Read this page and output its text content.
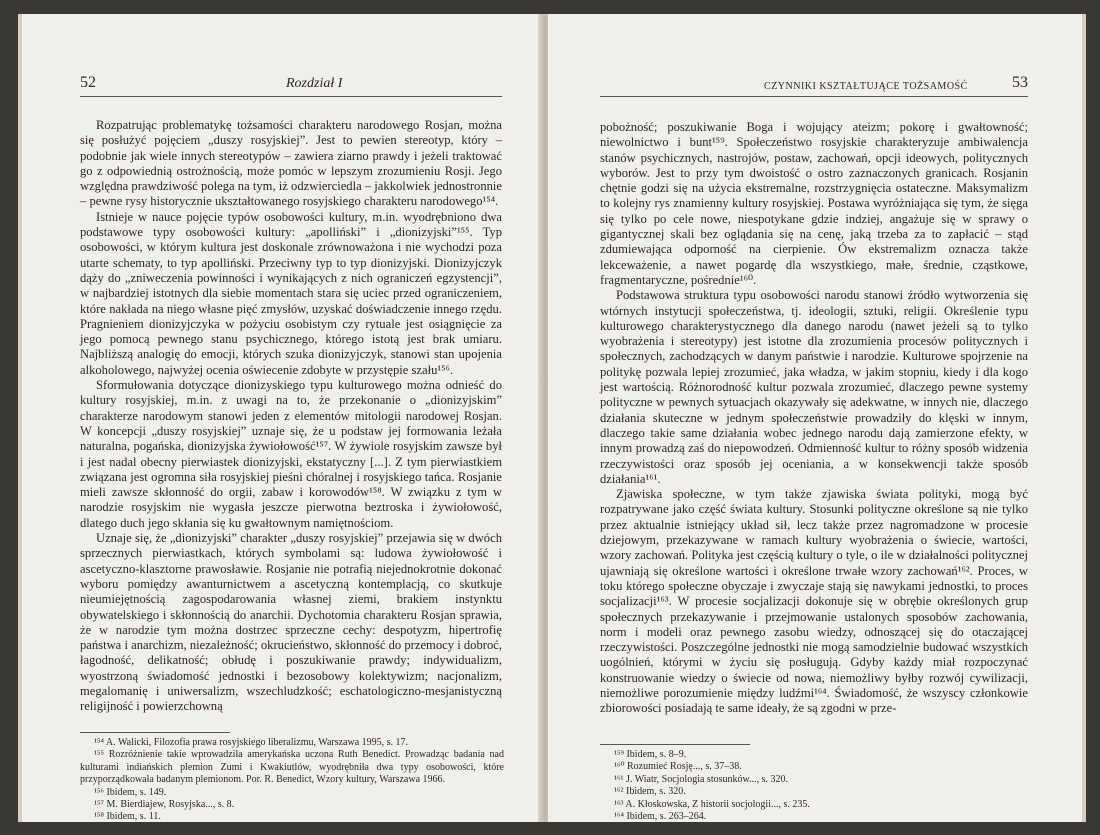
52	Rozdział I

Rozpatrując problematykę tożsamości charakteru narodowego Rosjan, można się posłużyć pojęciem „duszy rosyjskiej”. Jest to pewien stereotyp, który – podobnie jak wiele innych stereotypów – zawiera ziarno prawdy i jeżeli traktować go z odpowiednią ostrożnością, może pomóc w lepszym zrozumieniu Rosji. Jego względna prawdziwość polega na tym, iż odzwierciedla – jakkolwiek jednostronnie – pewne rysy historycznie ukształtowanego rosyjskiego charakteru narodowego¹⁵⁴.

Istnieje w nauce pojęcie typów osobowości kultury, m.in. wyodrębniono dwa podstawowe typy osobowości kultury: „apolliński” i „dionizyjski”¹⁵⁵. Typ osobowości, w którym kultura jest doskonale zrównoważona i nie wychodzi poza utarte schematy, to typ apolliński. Przeciwny typ to typ dionizyjski. Dionizyjczyk dąży do „zniweczenia powinności i wynikających z nich ograniczeń egzystencji”, w najbardziej istotnych dla siebie momentach stara się uciec przed ograniczeniem, które nakłada na niego własne pięć zmysłów, uzyskać doświadczenie innego rzędu. Pragnieniem dionizyjczyka w pożyciu osobistym czy rytuale jest osiągnięcie za jego pomocą pewnego stanu psychicznego, którego istotą jest brak umiaru. Najbliższą analogię do emocji, których szuka dionizyjczyk, stanowi stan upojenia alkoholowego, najwyżej ocenia oświecenie zdobyte w przystępie szału¹⁵⁶.

Sformułowania dotyczące dionizyskiego typu kulturowego można odnieść do kultury rosyjskiej, m.in. z uwagi na to, że przekonanie o „dionizyjskim” charakterze narodowym stanowi jeden z elementów mitologii narodowej Rosjan. W koncepcji „duszy rosyjskiej” uznaje się, że u podstaw jej formowania leżała naturalna, pogańska, dionizyjska żywiołowość¹⁵⁷. W żywiole rosyjskim zawsze był i jest nadal obecny pierwiastek dionizyjski, ekstatyczny [...]. Z tym pierwiastkiem związana jest ogromna siła rosyjskiej pieśni chóralnej i rosyjskiego tańca. Rosjanie mieli zawsze skłonność do orgii, zabaw i korowodów¹⁵⁸. W związku z tym w narodzie rosyjskim nie wygasła jeszcze pierwotna beztroska i żywiołowość, dlatego duch jego skłania się ku gwałtownym namiętnościom.

Uznaje się, że „dionizyjski” charakter „duszy rosyjskiej” przejawia się w dwóch sprzecznych pierwiastkach, których symbolami są: ludowa żywiołowość i ascetyczno-klasztorne prawosławie. Rosjanie nie potrafią niejednokrotnie dokonać wyboru pomiędzy awanturnictwem a ascetyczną kontemplacją, co skutkuje nieumiejętnością zagospodarowania własnej ziemi, brakiem instynktu obywatelskiego i skłonnością do anarchii. Dychotomia charakteru Rosjan sprawia, że w narodzie tym można dostrzec sprzeczne cechy: despotyzm, hipertrofię państwa i anarchizm, niezależność; okrucieństwo, skłonność do przemocy i dobroć, łagodność, delikatność; obłudę i poszukiwanie prawdy; indywidualizm, wyostrzoną świadomość jednostki i bezosobowy kolektywizm; nacjonalizm, megalomanię i uniwersalizm, wszechludzkość; eschatologiczno-mesjanistyczną religijność i powierzchowną

¹⁵⁴ A. Walicki, Filozofia prawa rosyjskiego liberalizmu, Warszawa 1995, s. 17.

¹⁵⁵ Rozróżnienie takie wprowadziła amerykańska uczona Ruth Benedict. Prowadząc badania nad kulturami indiańskich plemion Zumi i Kwakiutlów, wyodrębniła dwa typy osobowości, które przyporządkowała badanym plemionom. Por. R. Benedict, Wzory kultury, Warszawa 1966.

¹⁵⁶ Ibidem, s. 149.

¹⁵⁷ M. Bierdiajew, Rosyjska..., s. 8.

¹⁵⁸ Ibidem, s. 11.

CZYNNIKI KSZTAŁTUJĄCE TOŻSAMOŚĆ	53

pobożność; poszukiwanie Boga i wojujący ateizm; pokorę i gwałtowność; niewolnictwo i bunt¹⁵⁹. Społeczeństwo rosyjskie charakteryzuje ambiwalencja stanów psychicznych, nastrojów, postaw, zachowań, opcji ideowych, politycznych wyborów. Jest to przy tym dwoistość o ostro zaznaczonych granicach. Rosjanin chętnie godzi się na użycia ekstremalne, rozstrzygnięcia ostateczne. Maksymalizm to kolejny rys znamienny kultury rosyjskiej. Postawa wyróżniająca się tym, że sięga się tylko po cele nowe, niespotykane gdzie indziej, angażuje się w sprawy o gigantycznej skali bez oglądania się na cenę, jaką trzeba za to zapłacić – stąd zdumiewająca odporność na cierpienie. Ów ekstremalizm oznacza także lekceważenie, a nawet pogardę dla wszystkiego, małe, średnie, cząstkowe, fragmentaryczne, pośrednie¹⁶⁰.

Podstawowa struktura typu osobowości narodu stanowi źródło wytworzenia się wtórnych instytucji społeczeństwa, tj. ideologii, sztuki, religii. Określenie typu kulturowego charakterystycznego dla danego narodu (nawet jeżeli są to tylko wyobrażenia i stereotypy) jest istotne dla zrozumienia procesów politycznych i społecznych, zachodzących w danym państwie i narodzie. Kulturowe spojrzenie na politykę pozwala lepiej zrozumieć, jaka władza, w jakim stopniu, kiedy i dla kogo jest wartością. Różnorodność kultur pozwala zrozumieć, dlaczego pewne systemy polityczne w pewnych sytuacjach okazywały się adekwatne, w innych nie, dlaczego działania skuteczne w jednym społeczeństwie prowadziły do klęski w innym, dlaczego takie same działania wobec jednego narodu dają zamierzone efekty, w innym prowadzą zaś do niepowodzeń. Odmienność kultur to różny sposób widzenia rzeczywistości oraz sposób jej oceniania, a w konsekwencji także sposób działania¹⁶¹.

Zjawiska społeczne, w tym także zjawiska świata polityki, mogą być rozpatrywane jako część świata kultury. Stosunki polityczne określone są nie tylko przez aktualnie istniejący układ sił, lecz także przez nagromadzone w procesie dziejowym, przekazywane w ramach kultury wyobrażenia o świecie, wartości, wzory zachowań. Polityka jest częścią kultury o tyle, o ile w działalności politycznej ujawniają się określone wartości i określone trwałe wzory zachowań¹⁶². Proces, w toku którego społeczne obyczaje i zwyczaje stają się nawykami jednostki, to proces socjalizacji¹⁶³. W procesie socjalizacji dokonuje się w obrębie określonych grup społecznych przekazywanie i przejmowanie ustalonych sposobów zachowania, norm i modeli oraz pewnego zasobu wiedzy, odnoszącej się do otaczającej rzeczywistości. Poszczególne jednostki nie mogą samodzielnie budować wszystkich uogólnień, którymi w życiu się posługują. Gdyby każdy miał rozpoczynać konstruowanie wiedzy o świecie od nowa, niemożliwy byłby rozwój cywilizacji, niemożliwe porozumienie między ludźmi¹⁶⁴. Świadomość, że wszyscy członkowie zbiorowości posiadają te same ideały, że są zgodni w prze-

¹⁵⁹ Ibidem, s. 8–9.

¹⁶⁰ Rozumieć Rosję..., s. 37–38.

¹⁶¹ J. Wiatr, Socjologia stosunków..., s. 320.

¹⁶² Ibidem, s. 320.

¹⁶³ A. Kłoskowska, Z historii socjologii..., s. 235.

¹⁶⁴ Ibidem, s. 263–264.
